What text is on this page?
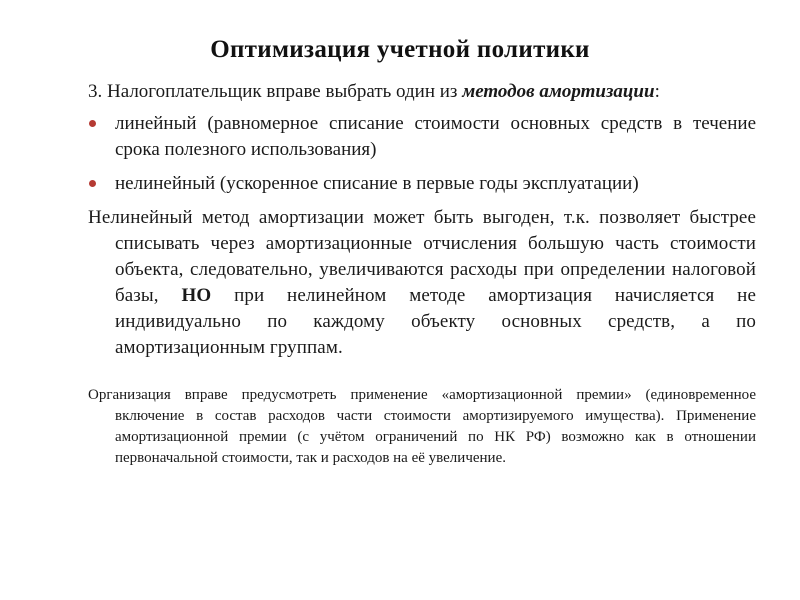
Оптимизация учетной политики

3. Налогоплательщик вправе выбрать один из методов амортизации:

линейный (равномерное списание стоимости основных средств в течение срока полезного использования)
нелинейный (ускоренное списание в первые годы эксплуатации)

Нелинейный метод амортизации может быть выгоден, т.к. позволяет быстрее списывать через амортизационные отчисления большую часть стоимости объекта, следовательно, увеличиваются расходы при определении налоговой базы, НО при нелинейном методе амортизация начисляется не индивидуально по каждому объекту основных средств, а по амортизационным группам.

Организация вправе предусмотреть применение «амортизационной премии» (единовременное включение в состав расходов части стоимости амортизируемого имущества). Применение амортизационной премии (с учётом ограничений по НК РФ) возможно как в отношении первоначальной стоимости, так и расходов на её увеличение.
